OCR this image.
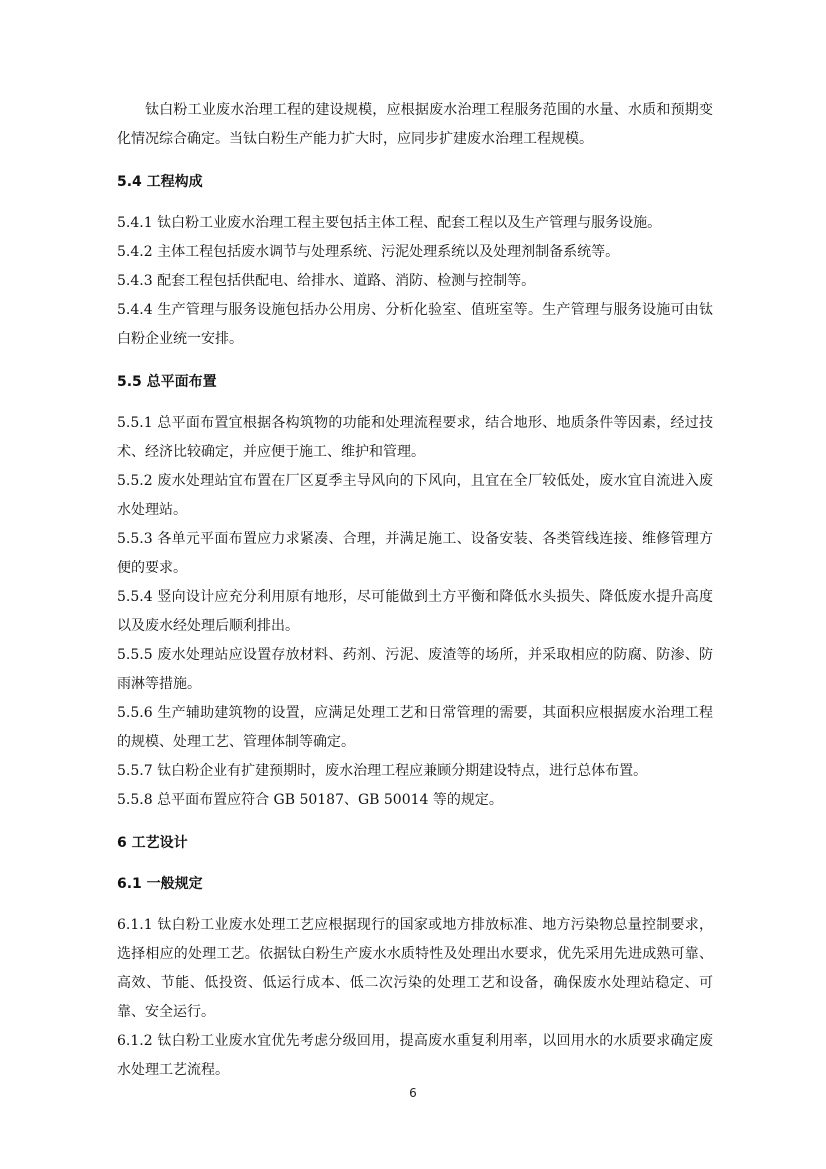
钛白粉工业废水治理工程的建设规模，应根据废水治理工程服务范围的水量、水质和预期变化情况综合确定。当钛白粉生产能力扩大时，应同步扩建废水治理工程规模。

5.4 工程构成

5.4.1 钛白粉工业废水治理工程主要包括主体工程、配套工程以及生产管理与服务设施。

5.4.2 主体工程包括废水调节与处理系统、污泥处理系统以及处理剂制备系统等。

5.4.3 配套工程包括供配电、给排水、道路、消防、检测与控制等。

5.4.4 生产管理与服务设施包括办公用房、分析化验室、值班室等。生产管理与服务设施可由钛白粉企业统一安排。

5.5 总平面布置

5.5.1 总平面布置宜根据各构筑物的功能和处理流程要求，结合地形、地质条件等因素，经过技术、经济比较确定，并应便于施工、维护和管理。

5.5.2 废水处理站宜布置在厂区夏季主导风向的下风向，且宜在全厂较低处，废水宜自流进入废水处理站。

5.5.3 各单元平面布置应力求紧凑、合理，并满足施工、设备安装、各类管线连接、维修管理方便的要求。

5.5.4 竖向设计应充分利用原有地形，尽可能做到土方平衡和降低水头损失、降低废水提升高度以及废水经处理后顺利排出。

5.5.5 废水处理站应设置存放材料、药剂、污泥、废渣等的场所，并采取相应的防腐、防渗、防雨淋等措施。

5.5.6 生产辅助建筑物的设置，应满足处理工艺和日常管理的需要，其面积应根据废水治理工程的规模、处理工艺、管理体制等确定。

5.5.7 钛白粉企业有扩建预期时，废水治理工程应兼顾分期建设特点，进行总体布置。

5.5.8 总平面布置应符合 GB 50187、GB 50014 等的规定。

6 工艺设计

6.1 一般规定

6.1.1 钛白粉工业废水处理工艺应根据现行的国家或地方排放标准、地方污染物总量控制要求，选择相应的处理工艺。依据钛白粉生产废水水质特性及处理出水要求，优先采用先进成熟可靠、高效、节能、低投资、低运行成本、低二次污染的处理工艺和设备，确保废水处理站稳定、可靠、安全运行。

6.1.2 钛白粉工业废水宜优先考虑分级回用，提高废水重复利用率，以回用水的水质要求确定废水处理工艺流程。

6
